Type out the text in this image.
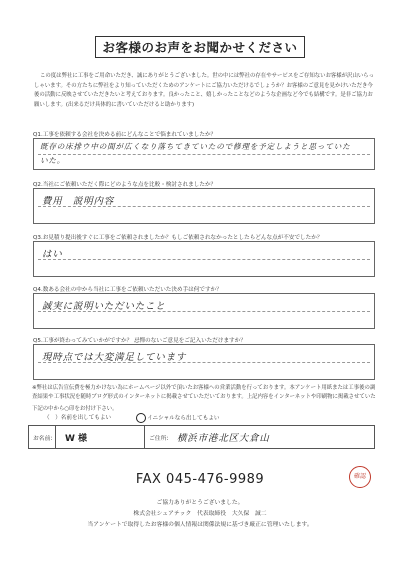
お客様のお声をお聞かせください

この度は弊社に工事をご用命いただき、誠にありがとうございました。世の中には弊社の存在やサービスをご存知ないお客様が沢山いらっしゃいます。その方たちに弊社をより知っていただくためのアンケートにご協力いただけるでしょうか？お客様のご意見を見かけいただき今後の活動に反映させていただきたいと考えております。良かったこと、嬉しかったことなどのような企画など今でも結構です。是非ご協力お願いします。(出来るだけ具体的に書いていただけると助かります)

Q1.工事を依頼する会社を決める前にどんなことで悩まれていましたか？
既存の床排ウ中の間が広くなり落ちてきていたので修理を予定しようと思っていた
いた。
Q2.当社にご依頼いただく際にどのような点を比較・検討されましたか？
費用　説明内容
Q3.お見積り提出後すぐに工事をご依頼されましたか？もしご依頼されなかったとしたらどんな点が不安でしたか？
はい
Q4.数ある会社の中から当社に工事をご依頼いただいた決め手は何ですか？
誠実に説明いただいたこと
Q5.工事が終わってみていかがですか？ 忌憚のないご意見をご記入いただけますか？
現時点では大変満足しています
※弊社は広告宣伝費を極力かけない為にホームページ以外で頂いたお客様への営業活動を行っております。本アンケート用紙または工事後の調査結果や工事状況を随時ブログ形式のインターネットに掲載させていただいております。上記内容をインターネットや印刷物に掲載させていた
下記の中から○印をお付け下さい。
（　）名前を出してもよい	イニシャルなら出してもよい
お名前: W 様	ご住所: 横浜市港北区大倉山
FAX 045-476-9989	確認
ご協力ありがとうございました。
株式会社シェアテック　代表取締役　大久保　誠二
当アンケートで取得したお客様の個人情報は関係法規に基づき厳正に管理いたします。
